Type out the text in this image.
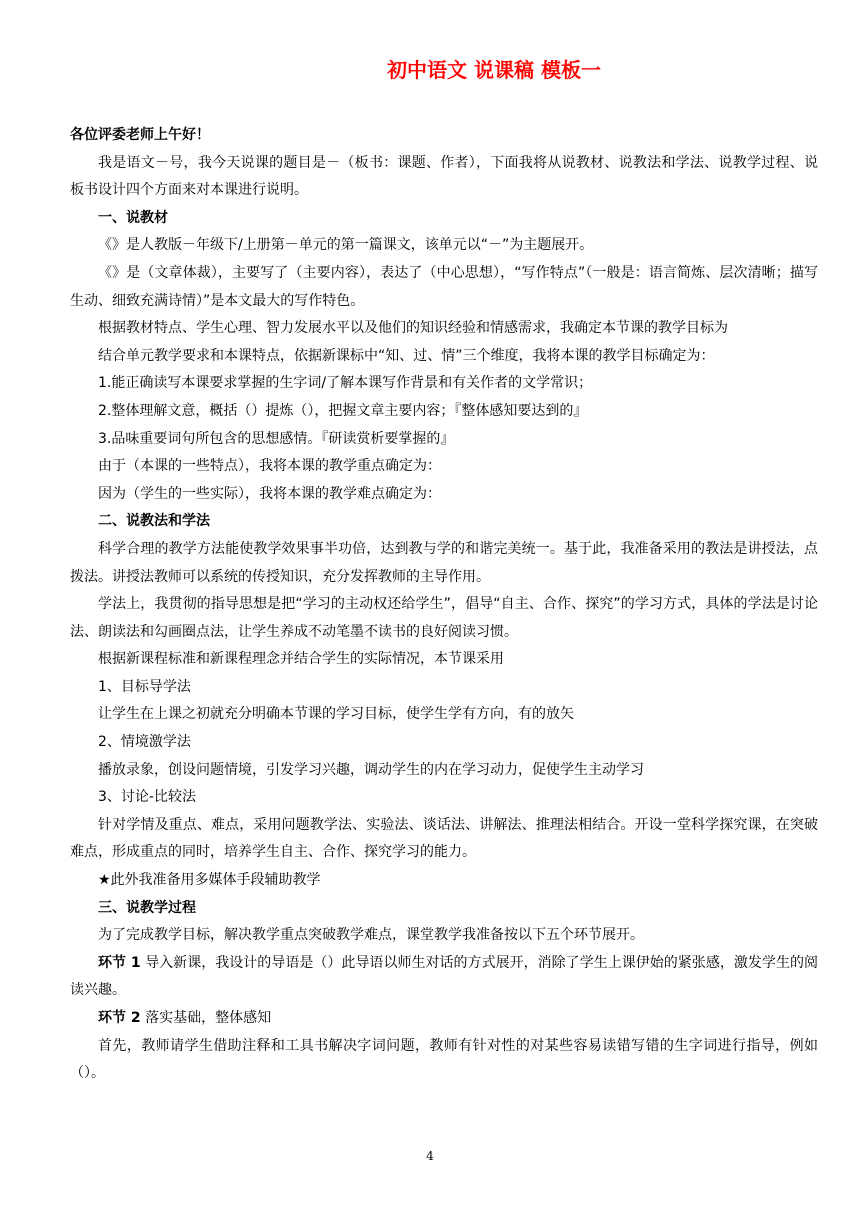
初中语文 说课稿 模板一

各位评委老师上午好！

我是语文－号，我今天说课的题目是－（板书：课题、作者），下面我将从说教材、说教法和学法、说教学过程、说板书设计四个方面来对本课进行说明。

一、说教材

《》是人教版－年级下/上册第－单元的第一篇课文，该单元以“－”为主题展开。

《》是（文章体裁），主要写了（主要内容），表达了（中心思想），“写作特点”（一般是：语言简炼、层次清晰；描写生动、细致充满诗情）”是本文最大的写作特色。

根据教材特点、学生心理、智力发展水平以及他们的知识经验和情感需求，我确定本节课的教学目标为

结合单元教学要求和本课特点，依据新课标中“知、过、情”三个维度，我将本课的教学目标确定为：

1.能正确读写本课要求掌握的生字词/了解本课写作背景和有关作者的文学常识；

2.整体理解文意，概括（）提炼（），把握文章主要内容；『整体感知要达到的』

3.品味重要词句所包含的思想感情。『研读赏析要掌握的』

由于（本课的一些特点），我将本课的教学重点确定为：

因为（学生的一些实际），我将本课的教学难点确定为：

二、说教法和学法

科学合理的教学方法能使教学效果事半功倍，达到教与学的和谐完美统一。基于此，我准备采用的教法是讲授法，点拨法。讲授法教师可以系统的传授知识，充分发挥教师的主导作用。

学法上，我贯彻的指导思想是把“学习的主动权还给学生”，倡导“自主、合作、探究”的学习方式，具体的学法是讨论法、朗读法和勾画圈点法，让学生养成不动笔墨不读书的良好阅读习惯。

根据新课程标准和新课程理念并结合学生的实际情况，本节课采用

1、目标导学法

让学生在上课之初就充分明确本节课的学习目标，使学生学有方向，有的放矢

2、情境激学法

播放录象，创设问题情境，引发学习兴趣，调动学生的内在学习动力，促使学生主动学习

3、讨论-比较法

针对学情及重点、难点，采用问题教学法、实验法、谈话法、讲解法、推理法相结合。开设一堂科学探究课，在突破难点，形成重点的同时，培养学生自主、合作、探究学习的能力。

★此外我准备用多媒体手段辅助教学

三、说教学过程

为了完成教学目标，解决教学重点突破教学难点，课堂教学我准备按以下五个环节展开。

环节 1 导入新课，我设计的导语是（）此导语以师生对话的方式展开，消除了学生上课伊始的紧张感，激发学生的阅读兴趣。

环节 2 落实基础，整体感知

首先，教师请学生借助注释和工具书解决字词问题，教师有针对性的对某些容易读错写错的生字词进行指导，例如（）。

4
